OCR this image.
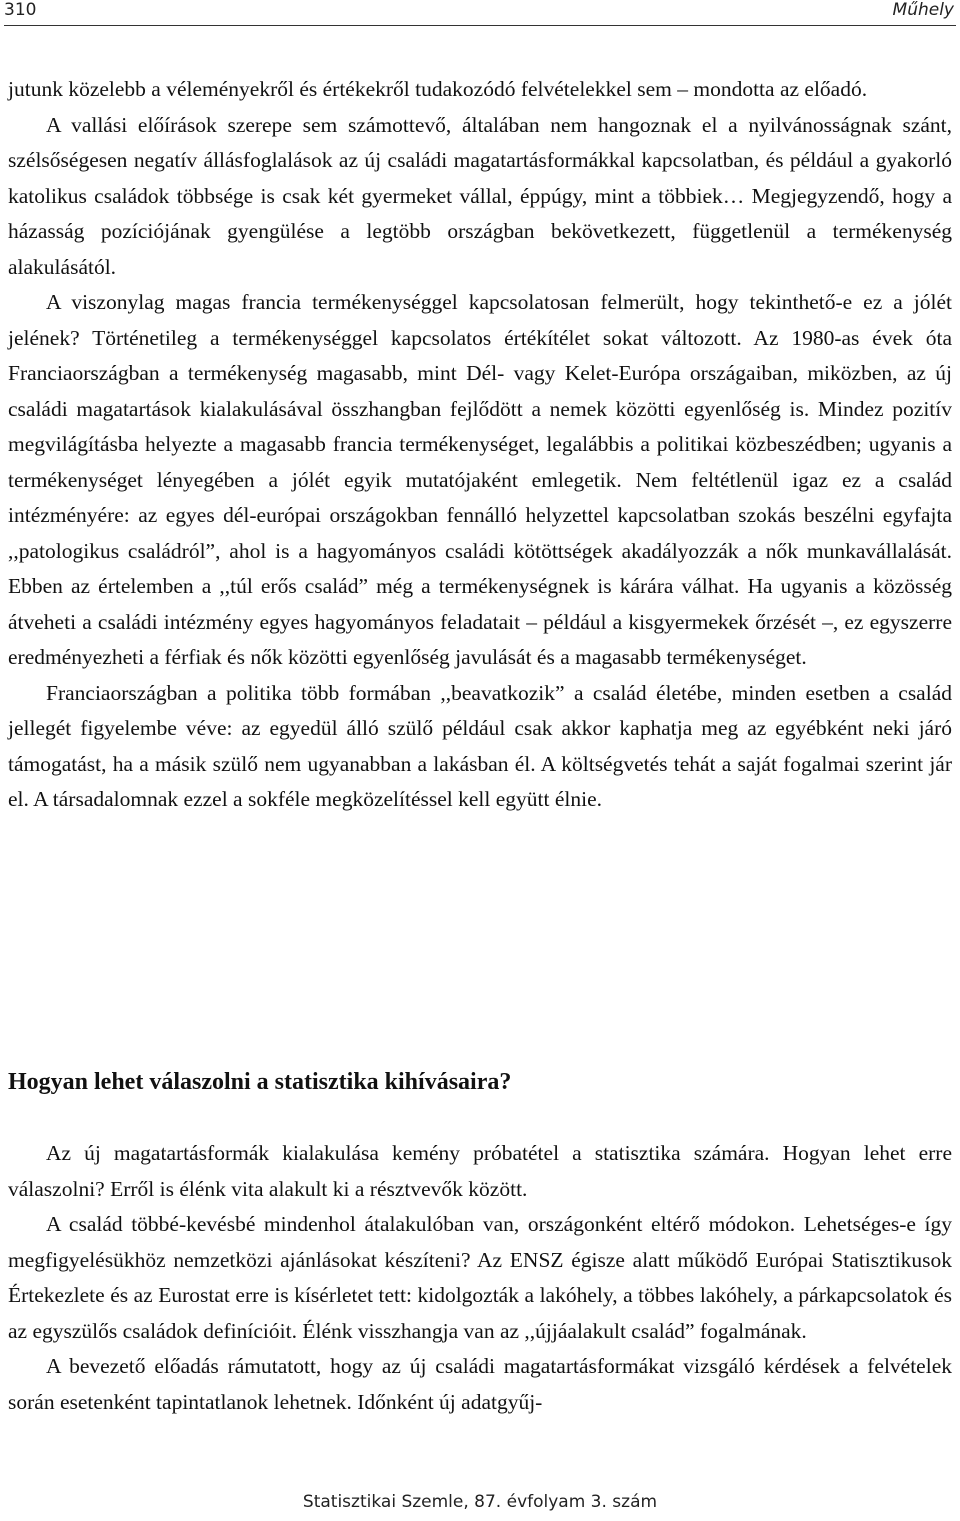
310	Műhely

jutunk közelebb a véleményekről és értékekről tudakozódó felvételekkel sem – mondotta az előadó.

A vallási előírások szerepe sem számottevő, általában nem hangoznak el a nyilvánosságnak szánt, szélsőségesen negatív állásfoglalások az új családi magatartásformákkal kapcsolatban, és például a gyakorló katolikus családok többsége is csak két gyermeket vállal, éppúgy, mint a többiek… Megjegyzendő, hogy a házasság pozíciójának gyengülése a legtöbb országban bekövetkezett, függetlenül a termékenység alakulásától.

A viszonylag magas francia termékenységgel kapcsolatosan felmerült, hogy tekinthető-e ez a jólét jelének? Történetileg a termékenységgel kapcsolatos értékítélet sokat változott. Az 1980-as évek óta Franciaországban a termékenység magasabb, mint Dél- vagy Kelet-Európa országaiban, miközben, az új családi magatartások kialakulásával összhangban fejlődött a nemek közötti egyenlőség is. Mindez pozitív megvilágításba helyezte a magasabb francia termékenységet, legalábbis a politikai közbeszédben; ugyanis a termékenységet lényegében a jólét egyik mutatójaként emlegetik. Nem feltétlenül igaz ez a család intézményére: az egyes dél-európai országokban fennálló helyzettel kapcsolatban szokás beszélni egyfajta ,,patologikus családról”, ahol is a hagyományos családi kötöttségek akadályozzák a nők munkavállalását. Ebben az értelemben a ,,túl erős család” még a termékenységnek is kárára válhat. Ha ugyanis a közösség átveheti a családi intézmény egyes hagyományos feladatait – például a kisgyermekek őrzését –, ez egyszerre eredményezheti a férfiak és nők közötti egyenlőség javulását és a magasabb termékenységet.

Franciaországban a politika több formában ,,beavatkozik” a család életébe, minden esetben a család jellegét figyelembe véve: az egyedül álló szülő például csak akkor kaphatja meg az egyébként neki járó támogatást, ha a másik szülő nem ugyanabban a lakásban él. A költségvetés tehát a saját fogalmai szerint jár el. A társadalomnak ezzel a sokféle megközelítéssel kell együtt élnie.

Hogyan lehet válaszolni a statisztika kihívásaira?

Az új magatartásformák kialakulása kemény próbatétel a statisztika számára. Hogyan lehet erre válaszolni? Erről is élénk vita alakult ki a résztvevők között.

A család többé-kevésbé mindenhol átalakulóban van, országonként eltérő módokon. Lehetséges-e így megfigyelésükhöz nemzetközi ajánlásokat készíteni? Az ENSZ égisze alatt működő Európai Statisztikusok Értekezlete és az Eurostat erre is kísérletet tett: kidolgozták a lakóhely, a többes lakóhely, a párkapcsolatok és az egyszülős családok definícióit. Élénk visszhangja van az ,,újjáalakult család” fogalmának.

A bevezető előadás rámutatott, hogy az új családi magatartásformákat vizsgáló kérdések a felvételek során esetenként tapintatlanok lehetnek. Időnként új adatgyűj-

Statisztikai Szemle, 87. évfolyam 3. szám
